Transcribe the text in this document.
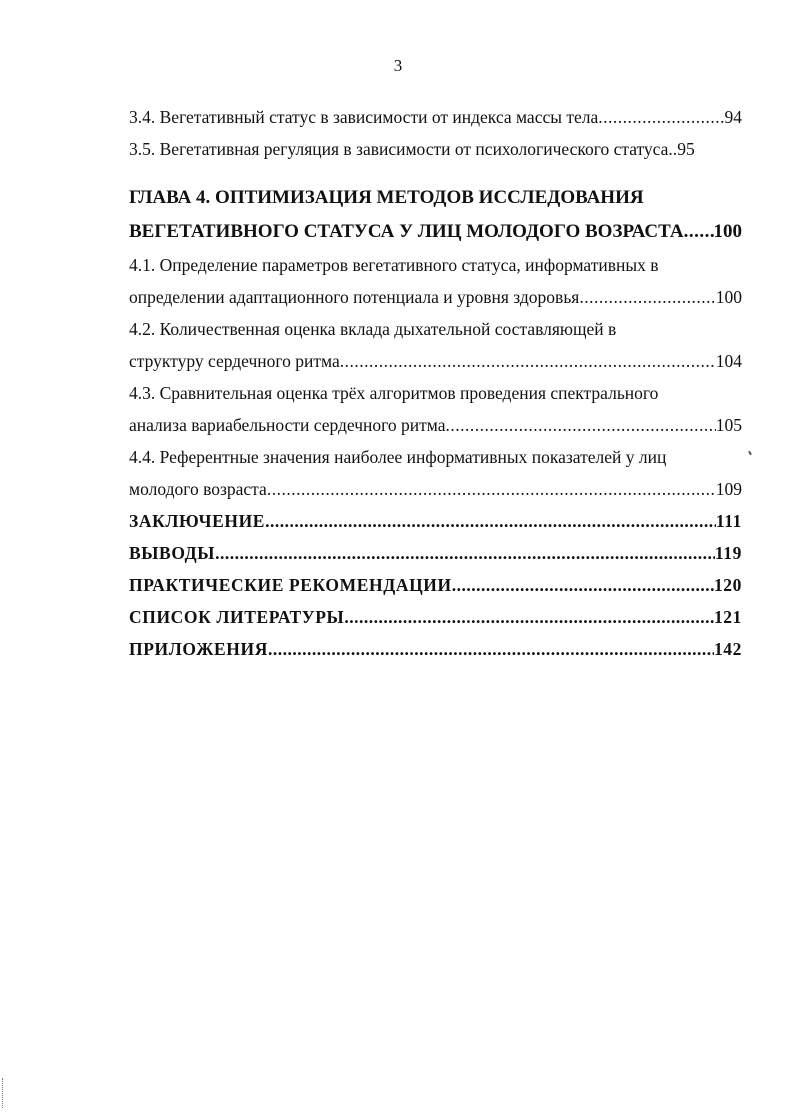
3
3.4. Вегетативный статус в зависимости от индекса массы тела .....	94
3.5. Вегетативная регуляция в зависимости от психологического статуса.. 95
ГЛАВА 4. ОПТИМИЗАЦИЯ МЕТОДОВ ИССЛЕДОВАНИЯ
ВЕГЕТАТИВНОГО СТАТУСА У ЛИЦ МОЛОДОГО ВОЗРАСТА ..... 100
4.1. Определение параметров вегетативного статуса, информативных в
определении адаптационного потенциала и уровня здоровья .....	100
4.2. Количественная оценка вклада дыхательной составляющей в
структуру сердечного ритма .....	104
4.3. Сравнительная оценка трёх алгоритмов проведения спектрального
анализа вариабельности сердечного ритма .....	105
4.4. Референтные значения наиболее информативных показателей у лиц
молодого возраста .....	109
ЗАКЛЮЧЕНИЕ .....	111
ВЫВОДЫ .....	119
ПРАКТИЧЕСКИЕ РЕКОМЕНДАЦИИ .....	120
СПИСОК ЛИТЕРАТУРЫ .....	121
ПРИЛОЖЕНИЯ .....	142
